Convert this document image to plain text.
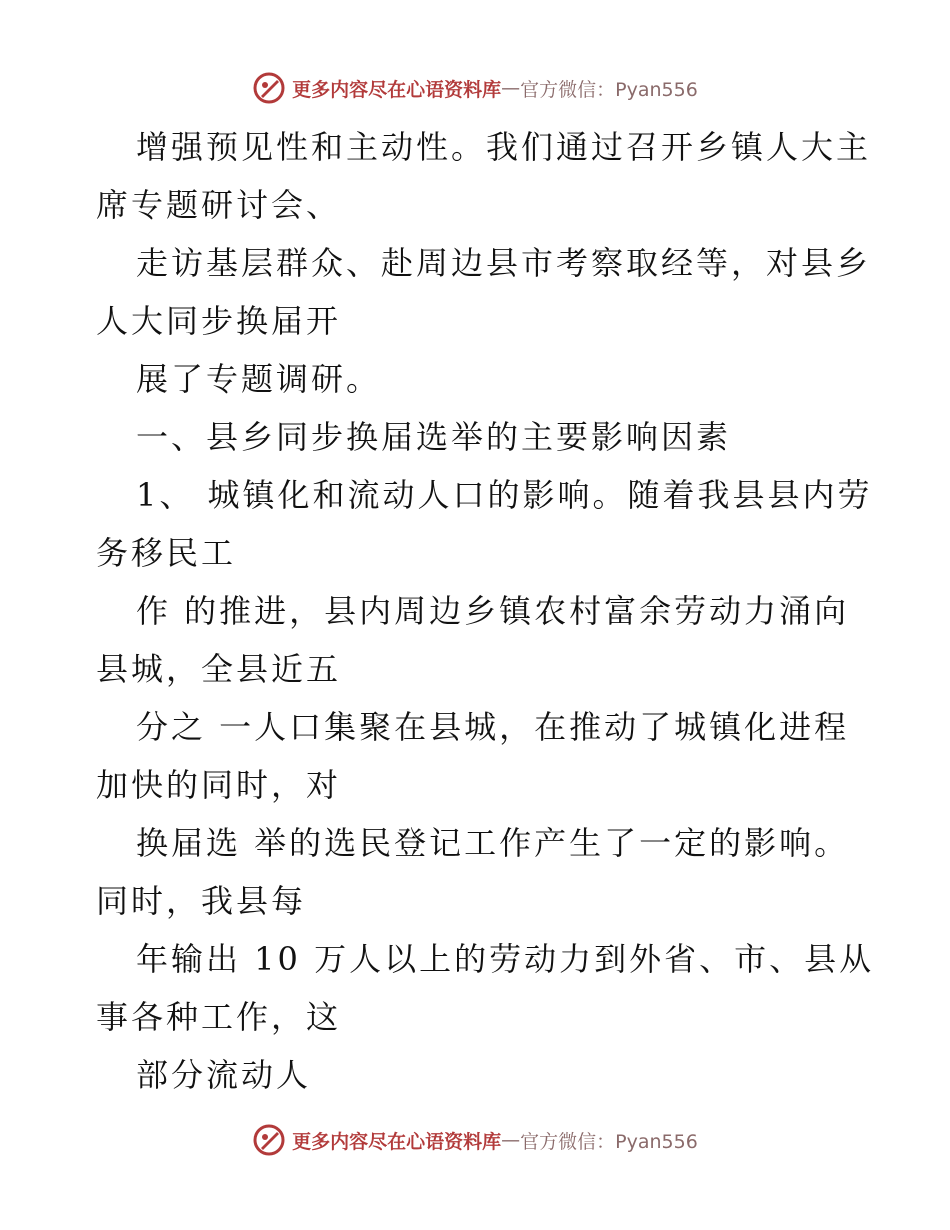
更多内容尽在心语资料库 — 官方微信：Pyan556
增强预见性和主动性。我们通过召开乡镇人大主
席专题研讨会、
走访基层群众、赴周边县市考察取经等，对县乡
人大同步换届开
展了专题调研。
一、县乡同步换届选举的主要影响因素
1、 城镇化和流动人口的影响。随着我县县内劳
务移民工
作 的推进，县内周边乡镇农村富余劳动力涌向
县城，全县近五
分之 一人口集聚在县城，在推动了城镇化进程
加快的同时，对
换届选 举的选民登记工作产生了一定的影响。
同时，我县每
年输出 10 万人以上的劳动力到外省、市、县从
事各种工作，这
部分流动人
更多内容尽在心语资料库 — 官方微信：Pyan556
